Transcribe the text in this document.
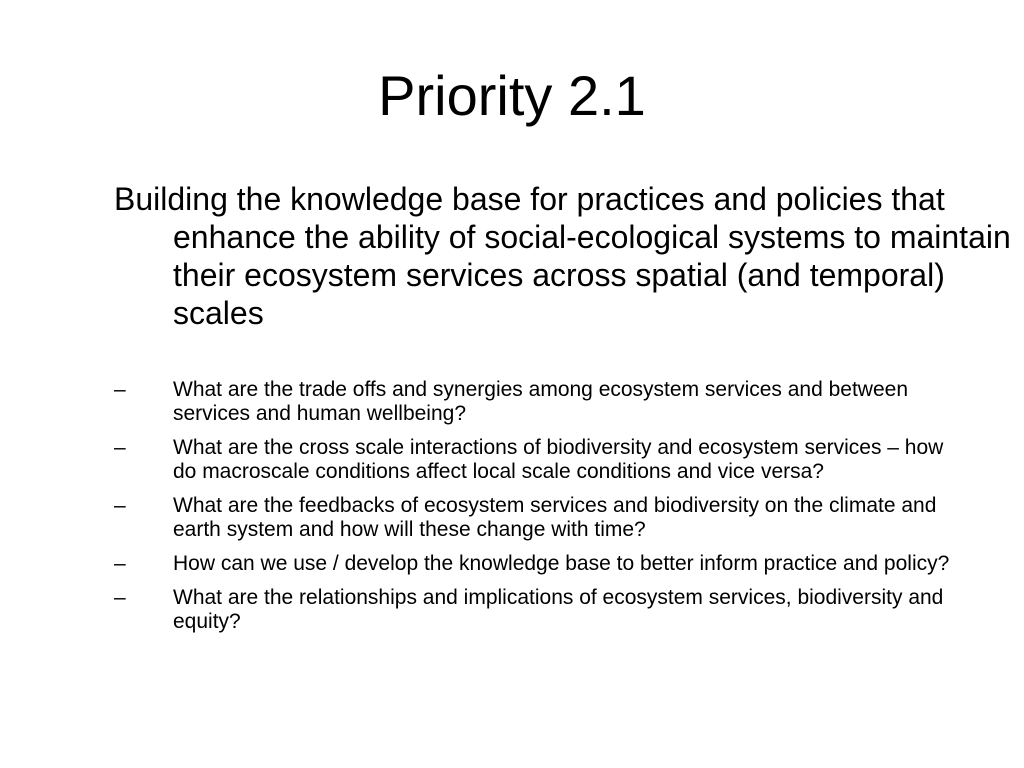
Priority 2.1

Building the knowledge base for practices and policies that enhance the ability of social-ecological systems to maintain their ecosystem services across spatial (and temporal) scales

– What are the trade offs and synergies among ecosystem services and between services and human wellbeing?
– What are the cross scale interactions of biodiversity and ecosystem services – how do macroscale conditions affect local scale conditions and vice versa?
– What are the feedbacks of ecosystem services and biodiversity on the climate and earth system and how will these change with time?
– How can we use / develop the knowledge base to better inform practice and policy?
– What are the relationships and implications of ecosystem services, biodiversity and equity?
